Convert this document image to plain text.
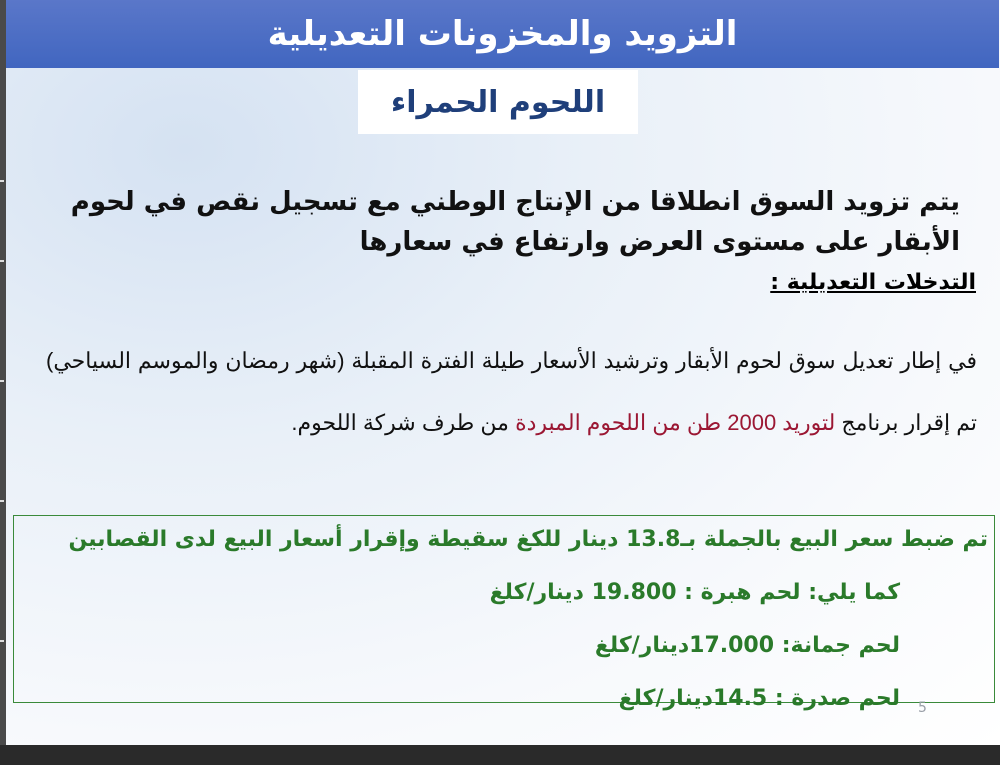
التزويد والمخزونات التعديلية
اللحوم الحمراء
يتم تزويد السوق انطلاقا من الإنتاج الوطني مع تسجيل نقص في لحوم الأبقار على مستوى العرض وارتفاع في سعارها
التدخلات التعديلية :
في إطار تعديل سوق لحوم الأبقار وترشيد الأسعار طيلة الفترة المقبلة (شهر رمضان والموسم السياحي) تم إقرار برنامج لتوريد 2000 طن من اللحوم المبردة من طرف شركة اللحوم.
تم ضبط سعر البيع بالجملة بـ13.8 دينار للكغ سقيطة وإقرار أسعار البيع لدى القصابين
كما يلي: لحم هبرة : 19.800 دينار/كلغ
لحم جمانة: 17.000دينار/كلغ
لحم صدرة : 14.5دينار/كلغ 5
